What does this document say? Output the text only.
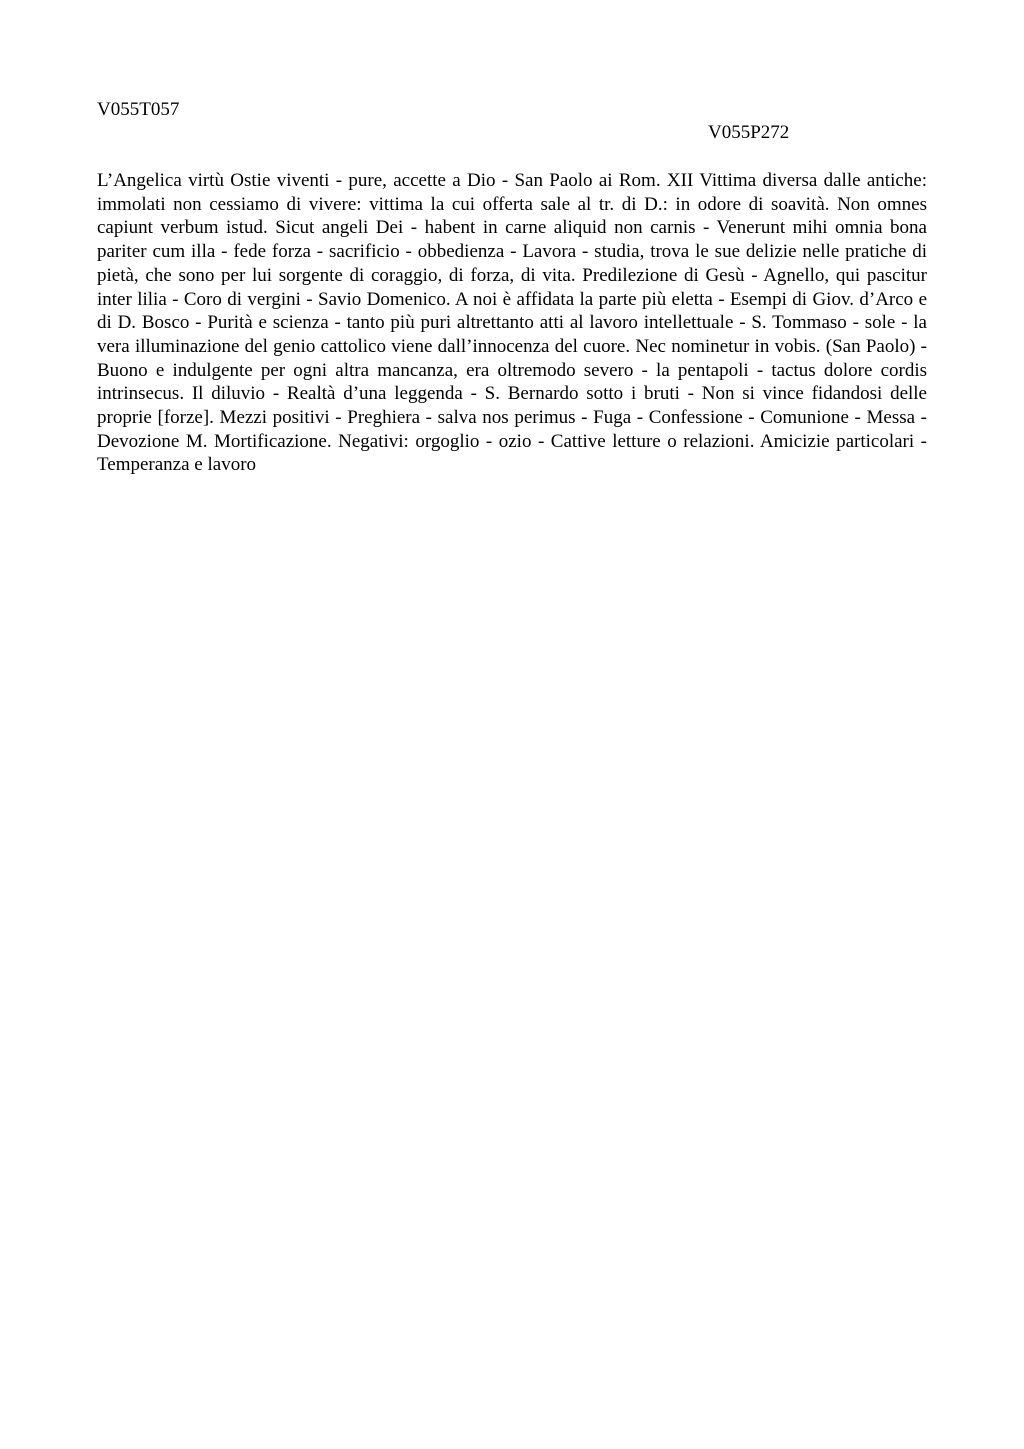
V055T057
V055P272

L’Angelica virtù Ostie viventi - pure, accette a Dio - San Paolo ai Rom. XII Vittima diversa dalle antiche: immolati non cessiamo di vivere: vittima la cui offerta sale al tr. di D.: in odore di soavità. Non omnes capiunt verbum istud. Sicut angeli Dei - habent in carne aliquid non carnis - Venerunt mihi omnia bona pariter cum illa - fede forza - sacrificio - obbedienza - Lavora - studia, trova le sue delizie nelle pratiche di pietà, che sono per lui sorgente di coraggio, di forza, di vita. Predilezione di Gesù - Agnello, qui pascitur inter lilia - Coro di vergini - Savio Domenico. A noi è affidata la parte più eletta - Esempi di Giov. d’Arco e di D. Bosco - Purità e scienza - tanto più puri altrettanto atti al lavoro intellettuale - S. Tommaso - sole - la vera illuminazione del genio cattolico viene dall’innocenza del cuore. Nec nominetur in vobis. (San Paolo) - Buono e indulgente per ogni altra mancanza, era oltremodo severo - la pentapoli - tactus dolore cordis intrinsecus. Il diluvio - Realtà d’una leggenda - S. Bernardo sotto i bruti - Non si vince fidandosi delle proprie [forze]. Mezzi positivi - Preghiera - salva nos perimus - Fuga - Confessione - Comunione - Messa - Devozione M. Mortificazione. Negativi: orgoglio - ozio - Cattive letture o relazioni. Amicizie particolari - Temperanza e lavoro
